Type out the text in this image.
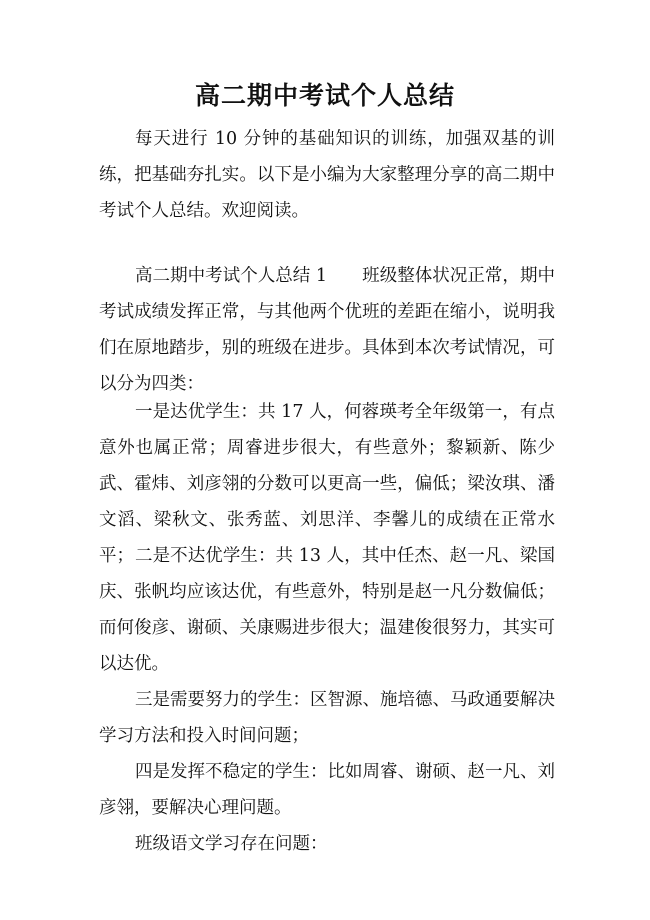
高二期中考试个人总结

每天进行 10 分钟的基础知识的训练，加强双基的训练，把基础夯扎实。以下是小编为大家整理分享的高二期中考试个人总结。欢迎阅读。

高二期中考试个人总结 1　　班级整体状况正常，期中考试成绩发挥正常，与其他两个优班的差距在缩小，说明我们在原地踏步，别的班级在进步。具体到本次考试情况，可以分为四类：

一是达优学生：共 17 人，何蓉瑛考全年级第一，有点意外也属正常；周睿进步很大，有些意外；黎颖新、陈少武、霍炜、刘彦翎的分数可以更高一些，偏低；梁汝琪、潘文滔、梁秋文、张秀蓝、刘思洋、李馨儿的成绩在正常水平； 二是不达优学生：共 13 人，其中任杰、赵一凡、梁国庆、张帆均应该达优，有些意外，特别是赵一凡分数偏低；而何俊彦、谢硕、关康赐进步很大；温建俊很努力，其实可以达优。

三是需要努力的学生：区智源、施培德、马政通要解决学习方法和投入时间问题；

四是发挥不稳定的学生：比如周睿、谢硕、赵一凡、刘彦翎，要解决心理问题。

班级语文学习存在问题：
